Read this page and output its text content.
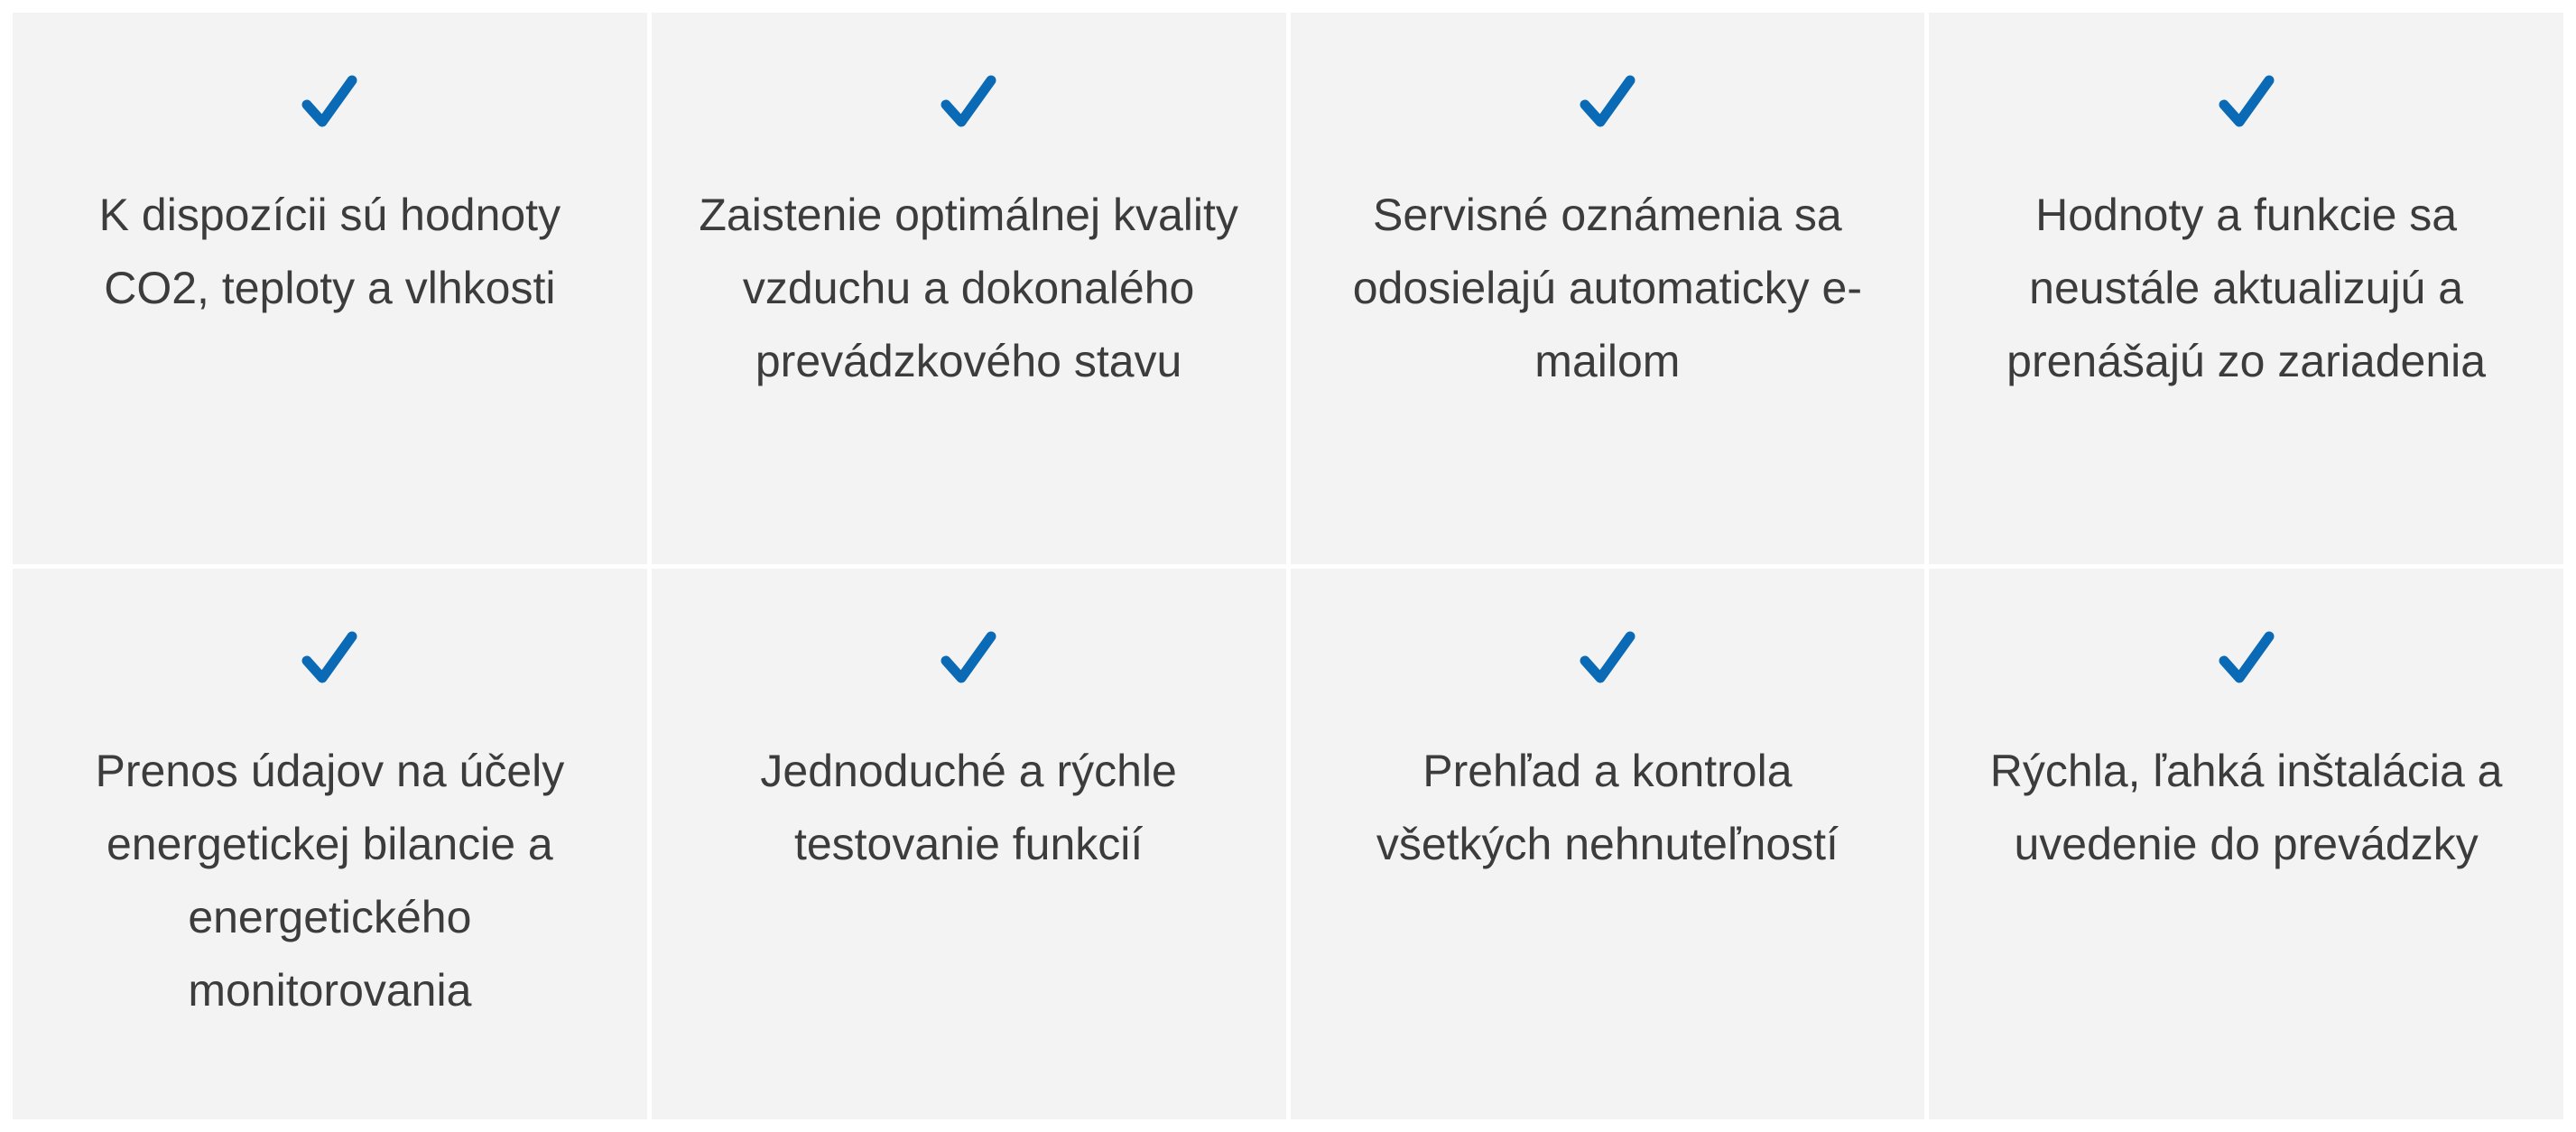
K dispozícii sú hodnoty CO2, teploty a vlhkosti
Zaistenie optimálnej kvality vzduchu a dokonalého prevádzkového stavu
Servisné oznámenia sa odosielajú automaticky e-mailom
Hodnoty a funkcie sa neustále aktualizujú a prenášajú zo zariadenia
Prenos údajov na účely energetickej bilancie a energetického monitorovania
Jednoduché a rýchle testovanie funkcií
Prehľad a kontrola všetkých nehnuteľností
Rýchla, ľahká inštalácia a uvedenie do prevádzky
